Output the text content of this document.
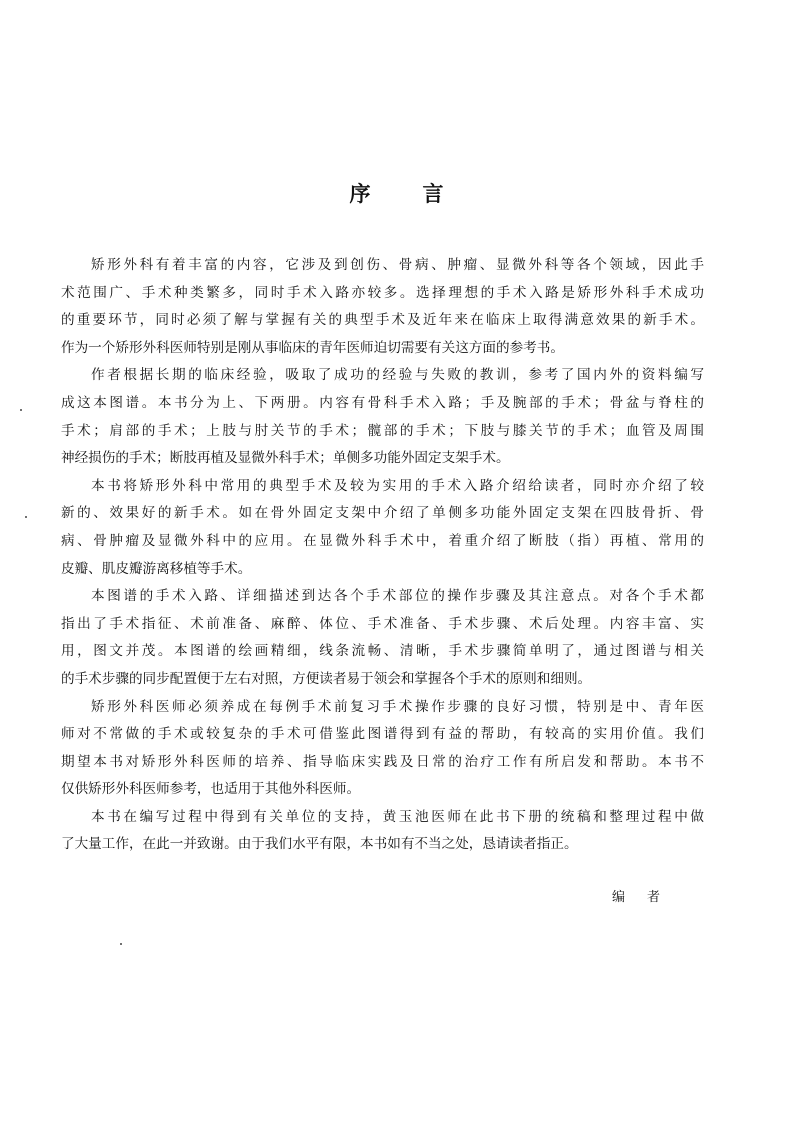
序 言
矫形外科有着丰富的内容，它涉及到创伤、骨病、肿瘤、显微外科等各个领域，因此手
术范围广、手术种类繁多，同时手术入路亦较多。选择理想的手术入路是矫形外科手术成功
的重要环节，同时必须了解与掌握有关的典型手术及近年来在临床上取得满意效果的新手术。
作为一个矫形外科医师特别是刚从事临床的青年医师迫切需要有关这方面的参考书。
作者根据长期的临床经验，吸取了成功的经验与失败的教训，参考了国内外的资料编写
成这本图谱。本书分为上、下两册。内容有骨科手术入路；手及腕部的手术；骨盆与脊柱的
手术；肩部的手术；上肢与肘关节的手术；髋部的手术；下肢与膝关节的手术；血管及周围
神经损伤的手术；断肢再植及显微外科手术；单侧多功能外固定支架手术。
本书将矫形外科中常用的典型手术及较为实用的手术入路介绍给读者，同时亦介绍了较
新的、效果好的新手术。如在骨外固定支架中介绍了单侧多功能外固定支架在四肢骨折、骨
病、骨肿瘤及显微外科中的应用。在显微外科手术中，着重介绍了断肢（指）再植、常用的
皮瓣、肌皮瓣游离移植等手术。
本图谱的手术入路、详细描述到达各个手术部位的操作步骤及其注意点。对各个手术都
指出了手术指征、术前准备、麻醉、体位、手术准备、手术步骤、术后处理。内容丰富、实
用，图文并茂。本图谱的绘画精细，线条流畅、清晰，手术步骤简单明了，通过图谱与相关
的手术步骤的同步配置便于左右对照，方便读者易于领会和掌握各个手术的原则和细则。
矫形外科医师必须养成在每例手术前复习手术操作步骤的良好习惯，特别是中、青年医
师对不常做的手术或较复杂的手术可借鉴此图谱得到有益的帮助，有较高的实用价值。我们
期望本书对矫形外科医师的培养、指导临床实践及日常的治疗工作有所启发和帮助。本书不
仅供矫形外科医师参考，也适用于其他外科医师。
本书在编写过程中得到有关单位的支持，黄玉池医师在此书下册的统稿和整理过程中做
了大量工作，在此一并致谢。由于我们水平有限，本书如有不当之处，恳请读者指正。
编 者
